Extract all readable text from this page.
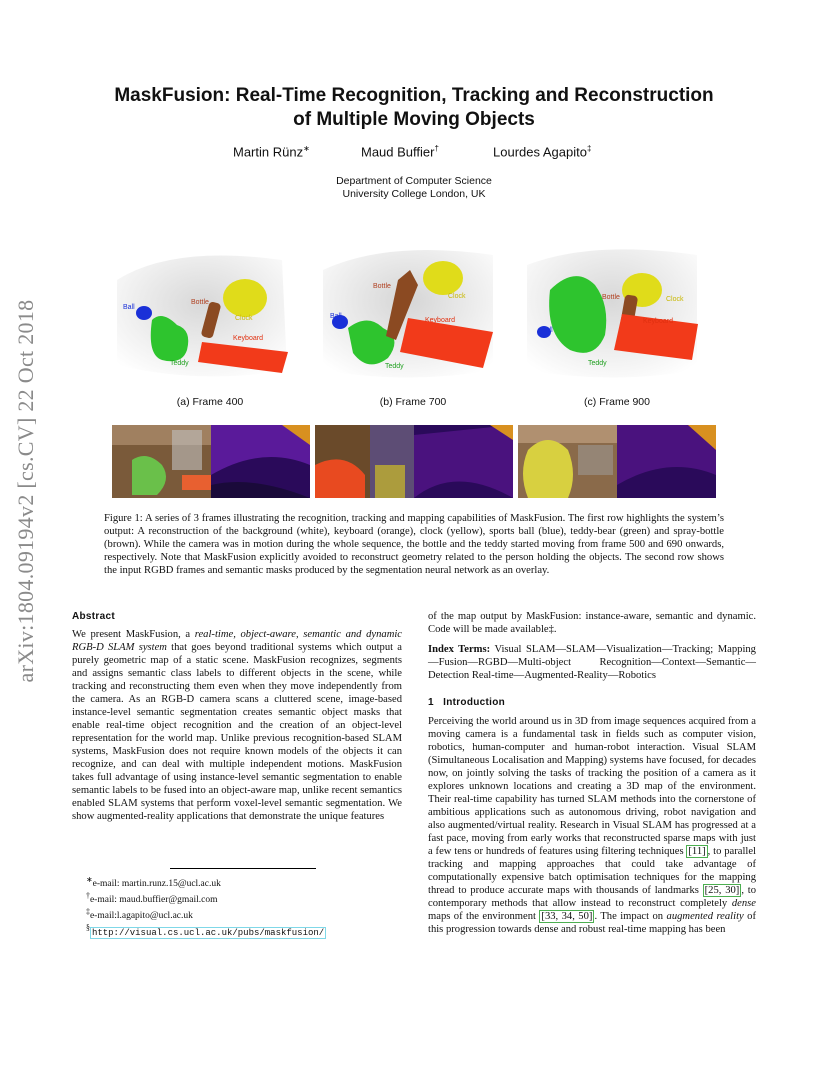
arXiv:1804.09194v2 [cs.CV] 22 Oct 2018
MaskFusion: Real-Time Recognition, Tracking and Reconstruction
of Multiple Moving Objects
Martin Rünz∗	Maud Buffier†	Lourdes Agapito‡
Department of Computer Science
University College London, UK
Ball
Bottle
Clock
Keyboard
Teddy
Bottle
Clock
Ball
Keyboard
Teddy
Bottle	Clock
Keyboard
Ball
Teddy
(a) Frame 400	(b) Frame 700	(c) Frame 900
Figure 1: A series of 3 frames illustrating the recognition, tracking and mapping capabilities of MaskFusion. The first row highlights the system’s output: A reconstruction of the background (white), keyboard (orange), clock (yellow), sports ball (blue), teddy-bear (green) and spray-bottle (brown). While the camera was in motion during the whole sequence, the bottle and the teddy started moving from frame 500 and 690 onwards, respectively. Note that MaskFusion explicitly avoided to reconstruct geometry related to the person holding the objects. The second row shows the input RGBD frames and semantic masks produced by the segmentation neural network as an overlay.
Abstract

We present MaskFusion, a real-time, object-aware, semantic and dynamic RGB-D SLAM system that goes beyond traditional systems which output a purely geometric map of a static scene. MaskFusion recognizes, segments and assigns semantic class labels to different objects in the scene, while tracking and reconstructing them even when they move independently from the camera. As an RGB-D camera scans a cluttered scene, image-based instance-level semantic segmentation creates semantic object masks that enable real-time object recognition and the creation of an object-level representation for the world map. Unlike previous recognition-based SLAM systems, MaskFusion does not require known models of the objects it can recognize, and can deal with multiple independent motions. MaskFusion takes full advantage of using instance-level semantic segmentation to enable semantic labels to be fused into an object-aware map, unlike recent semantics enabled SLAM systems that perform voxel-level semantic segmentation. We show augmented-reality applications that demonstrate the unique features

∗e-mail: martin.runz.15@ucl.ac.uk
†e-mail: maud.buffier@gmail.com
‡e-mail:l.agapito@ucl.ac.uk
§ http://visual.cs.ucl.ac.uk/pubs/maskfusion/

of the map output by MaskFusion: instance-aware, semantic and dynamic. Code will be made available‡.

Index Terms: Visual SLAM—SLAM—Visualization—Tracking; Mapping—Fusion—RGBD—Multi-object Recognition—Context—Semantic—Detection Real-time—Augmented-Reality—Robotics

1 Introduction

Perceiving the world around us in 3D from image sequences acquired from a moving camera is a fundamental task in fields such as computer vision, robotics, human-computer and human-robot interaction. Visual SLAM (Simultaneous Localisation and Mapping) systems have focused, for decades now, on jointly solving the tasks of tracking the position of a camera as it explores unknown locations and creating a 3D map of the environment. Their real-time capability has turned SLAM methods into the cornerstone of ambitious applications such as autonomous driving, robot navigation and also augmented/virtual reality. Research in Visual SLAM has progressed at a fast pace, moving from early works that reconstructed sparse maps with just a few tens or hundreds of features using filtering techniques [11] , to parallel tracking and mapping approaches that could take advantage of computationally expensive batch optimisation techniques for the mapping thread to produce accurate maps with thousands of landmarks [25, 30] , to contemporary methods that allow instead to reconstruct completely dense maps of the environment [33, 34, 50] . The impact on augmented reality of this progression towards dense and robust real-time mapping has been
